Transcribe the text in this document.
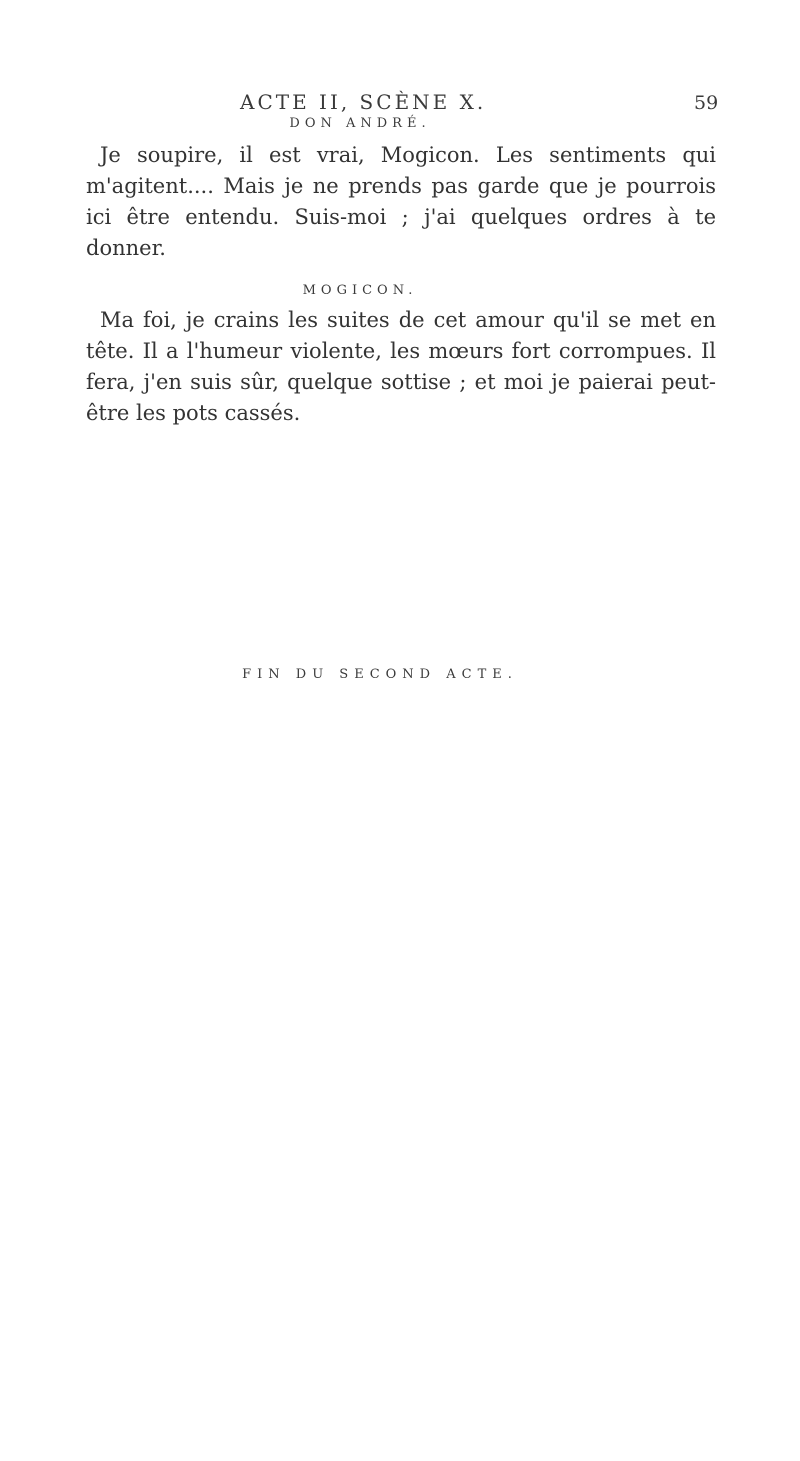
ACTE II, SCÈNE X.	59
DON ANDRÉ.
Je soupire, il est vrai, Mogicon. Les sentiments qui m'agitent.... Mais je ne prends pas garde que je pourrois ici être entendu. Suis-moi ; j'ai quelques ordres à te donner.
MOGICON.
Ma foi, je crains les suites de cet amour qu'il se met en tête. Il a l'humeur violente, les mœurs fort corrompues. Il fera, j'en suis sûr, quelque sottise ; et moi je paierai peut-être les pots cassés.
FIN DU SECOND ACTE.
